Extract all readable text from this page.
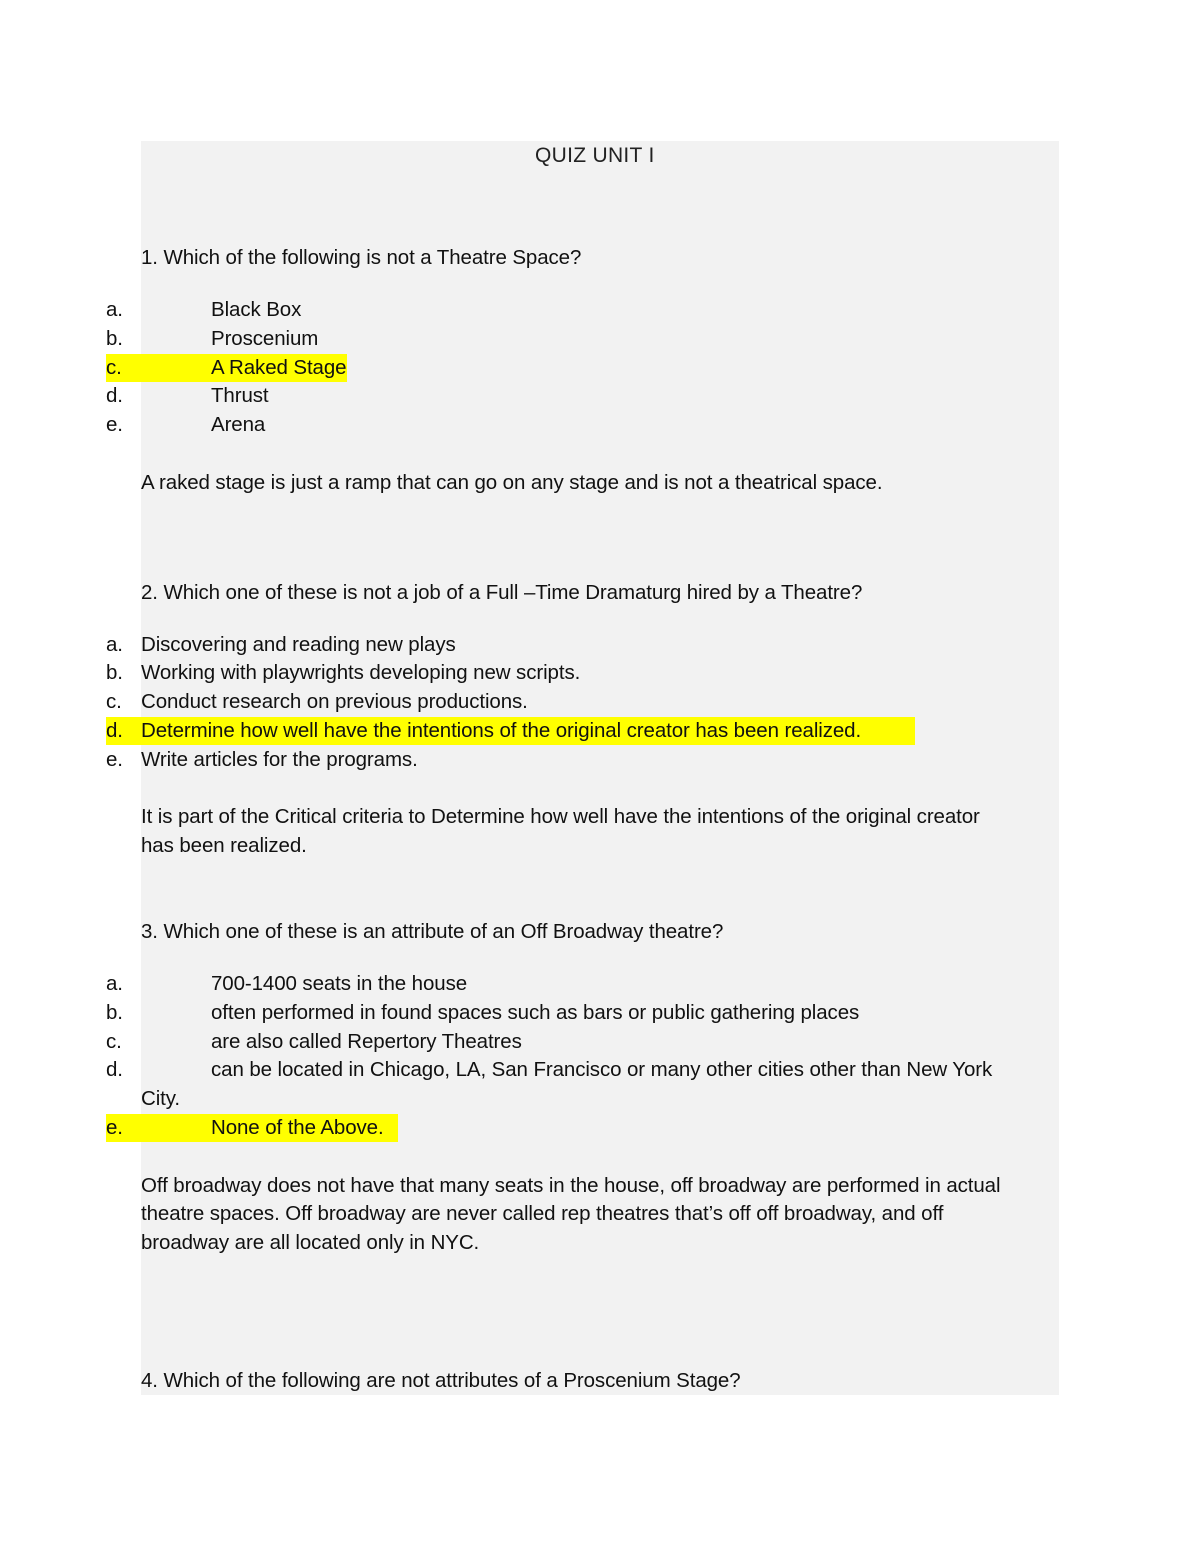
QUIZ UNIT I
1. Which of the following is not a Theatre Space?
a.	Black Box
b.	Proscenium
c.	A Raked Stage
d.	Thrust
e.	Arena
A raked stage is just a ramp that can go on any stage and is not a theatrical space.
2. Which one of these is not a job of a Full –Time Dramaturg hired by a Theatre?
a. Discovering and reading new plays
b. Working with playwrights developing new scripts.
c. Conduct research on previous productions.
d. Determine how well have the intentions of the original creator has been realized.
e. Write articles for the programs.
It is part of the Critical criteria to Determine how well have the intentions of the original creator
has been realized.
3. Which one of these is an attribute of an Off Broadway theatre?
a.	700-1400 seats in the house
b.	often performed in found spaces such as bars or public gathering places
c.	are also called Repertory Theatres
d.	can be located in Chicago, LA, San Francisco or many other cities other than New York
City.
e.	None of the Above.
Off broadway does not have that many seats in the house, off broadway are performed in actual
theatre spaces. Off broadway are never called rep theatres that’s off off broadway, and off
broadway are all located only in NYC.
4. Which of the following are not attributes of a Proscenium Stage?
